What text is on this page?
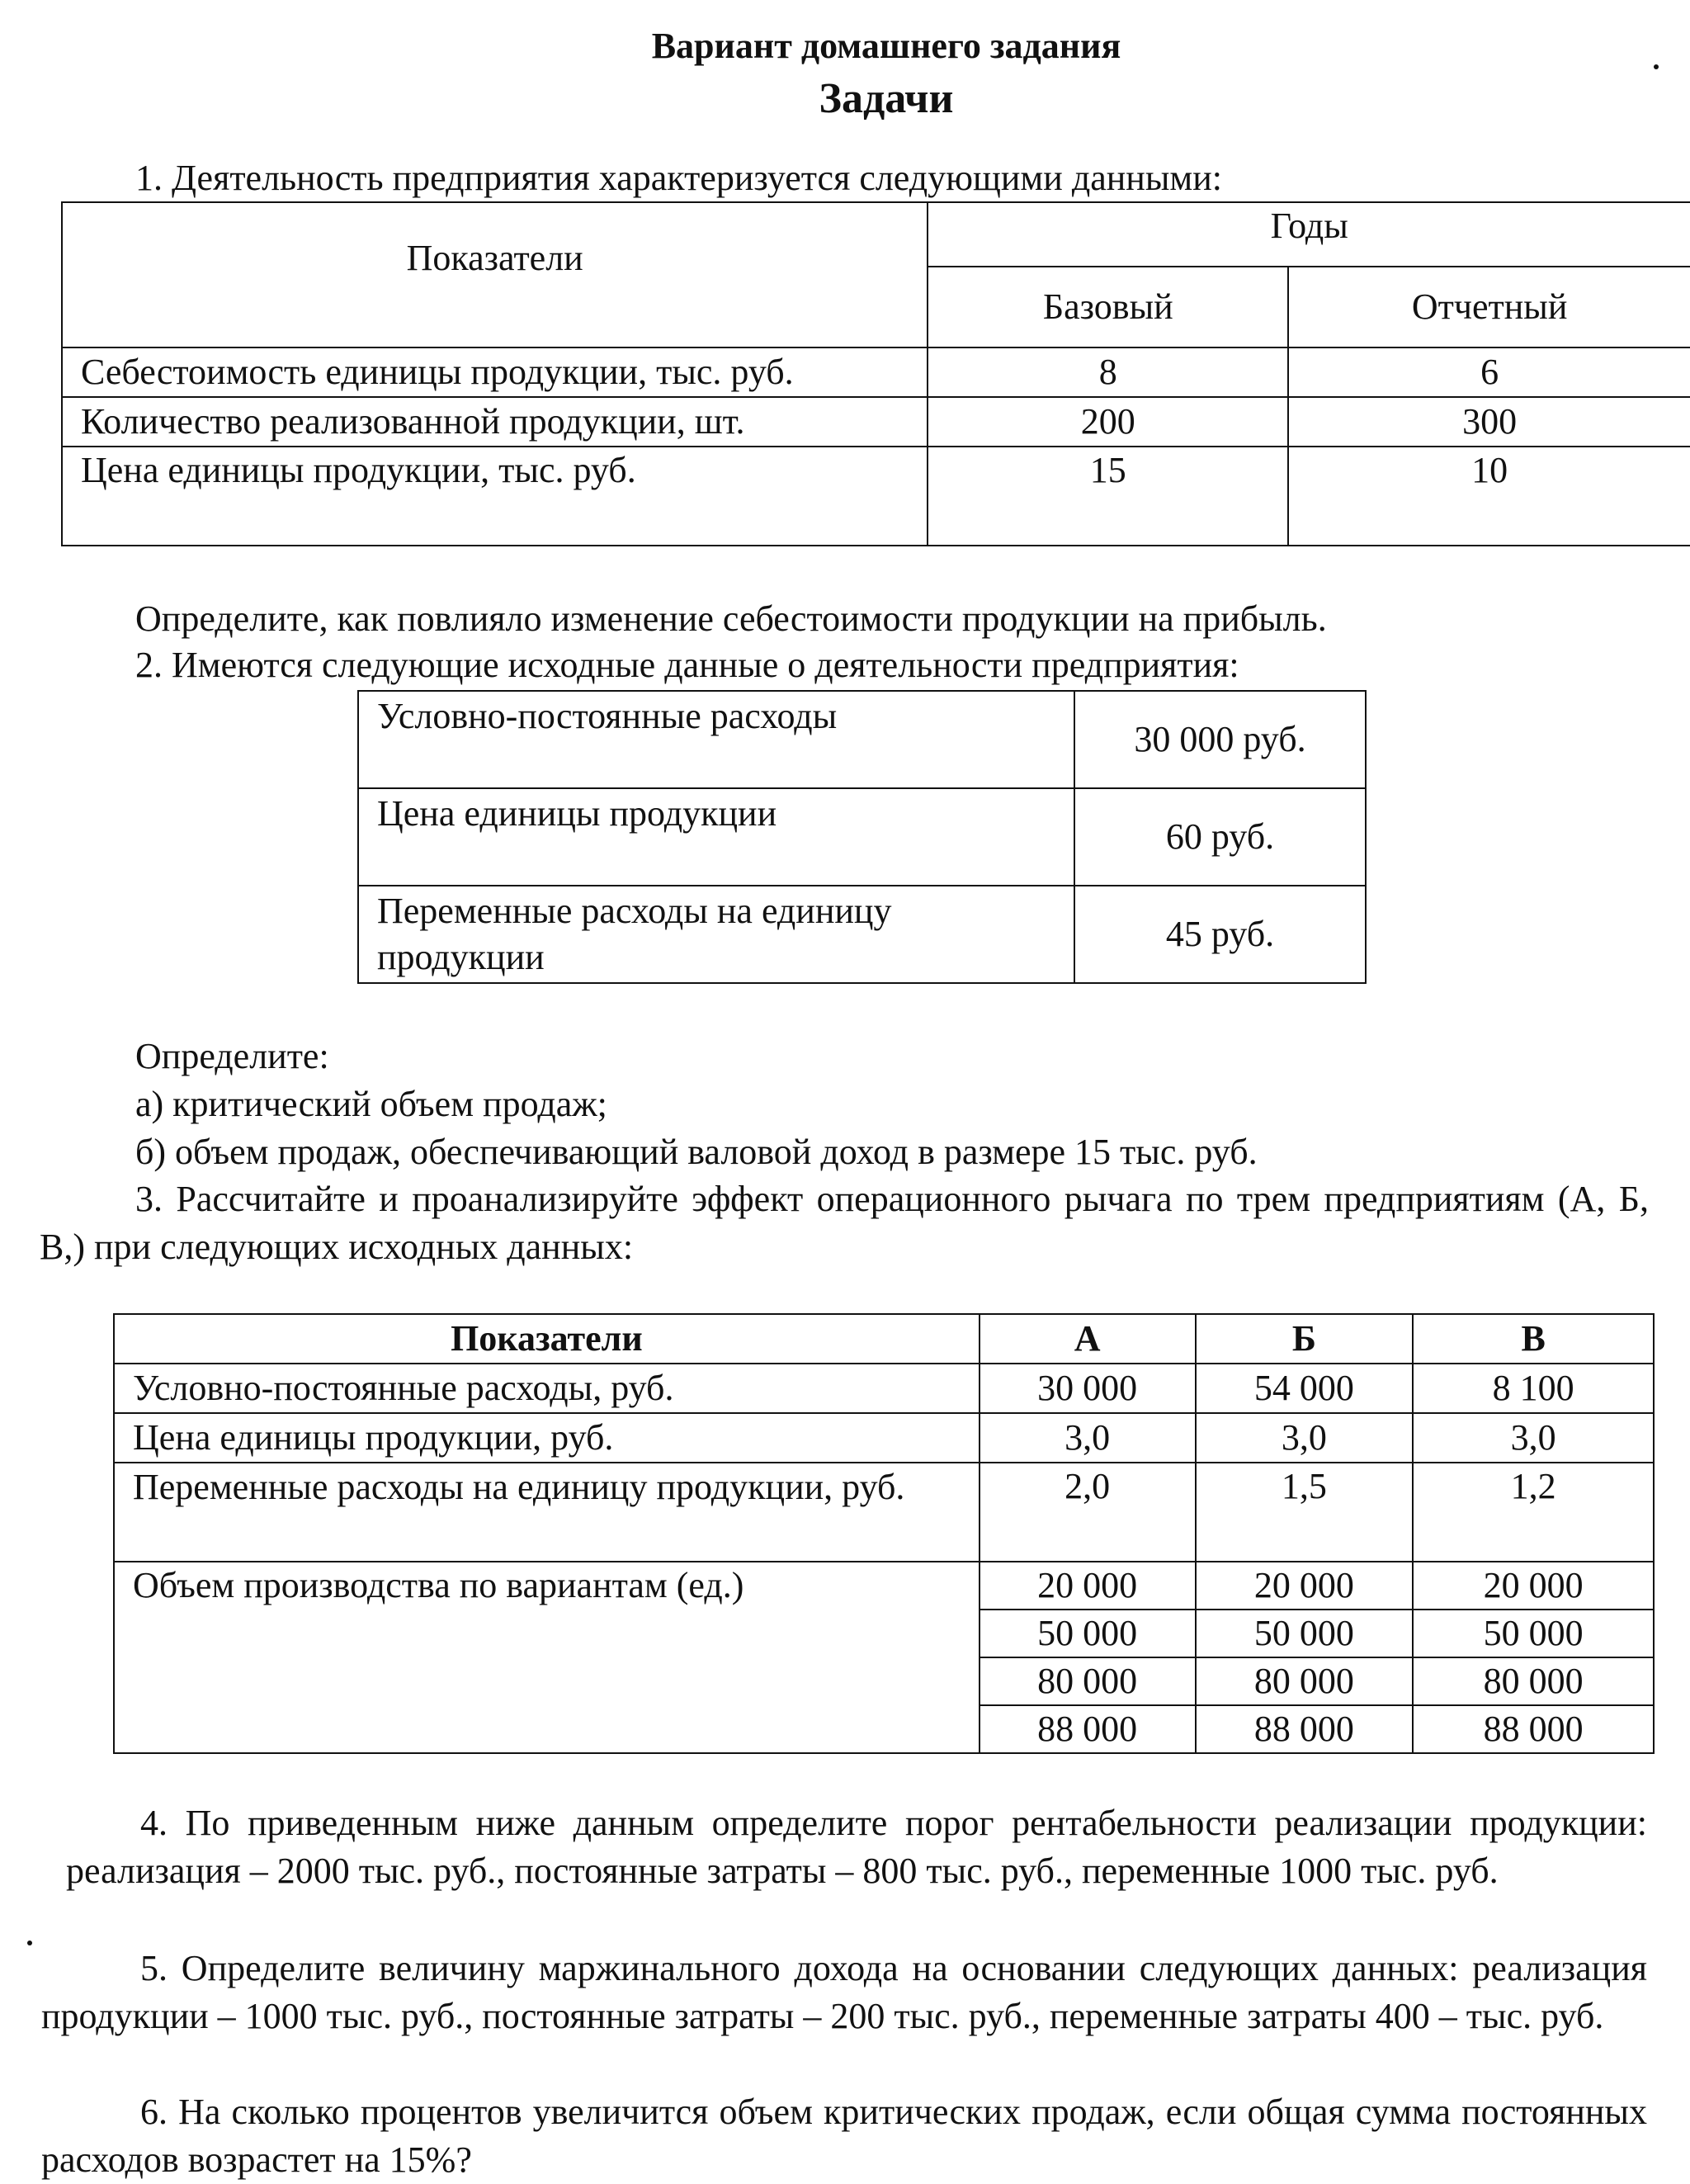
Вариант домашнего задания
Задачи
1. Деятельность предприятия характеризуется следующими данными:
Показатели	Годы	
	Базовый	Отчетный
Себестоимость единицы продукции, тыс. руб.	8	6
Количество реализованной продукции, шт.	200	300
Цена единицы продукции, тыс. руб.	15	10
Определите, как повлияло изменение себестоимости продукции на прибыль.
2. Имеются следующие исходные данные о деятельности предприятия:
Условно-постоянные расходы	30 000 руб.
Цена единицы продукции	60 руб.

Переменные расходы на единицу
продукции	45 руб.
Определите:
а) критический объем продаж;
б) объем продаж, обеспечивающий валовой доход в размере 15 тыс. руб.
3. Рассчитайте и проанализируйте эффект операционного рычага по трем предприятиям (А, Б, В,) при следующих исходных данных:
Показатели	А	Б	В
Условно-постоянные расходы, руб.	30 000	54 000	8 100
Цена единицы продукции, руб.	3,0	3,0	3,0
Переменные расходы на единицу продукции, руб.	2,0	1,5	1,2
Объем производства по вариантам (ед.)	20 000	20 000	20 000
	50 000	50 000	50 000
	80 000	80 000	80 000
	88 000	88 000	88 000
4. По приведенным ниже данным определите порог рентабельности реализации продукции: реализация – 2000 тыс. руб., постоянные затраты – 800 тыс. руб., переменные 1000 тыс. руб.
5. Определите величину маржинального дохода на основании следующих данных: реализация продукции – 1000 тыс. руб., постоянные затраты – 200 тыс. руб., переменные затраты 400 – тыс. руб.
6. На сколько процентов увеличится объем критических продаж, если общая сумма постоянных расходов возрастет на 15%?
